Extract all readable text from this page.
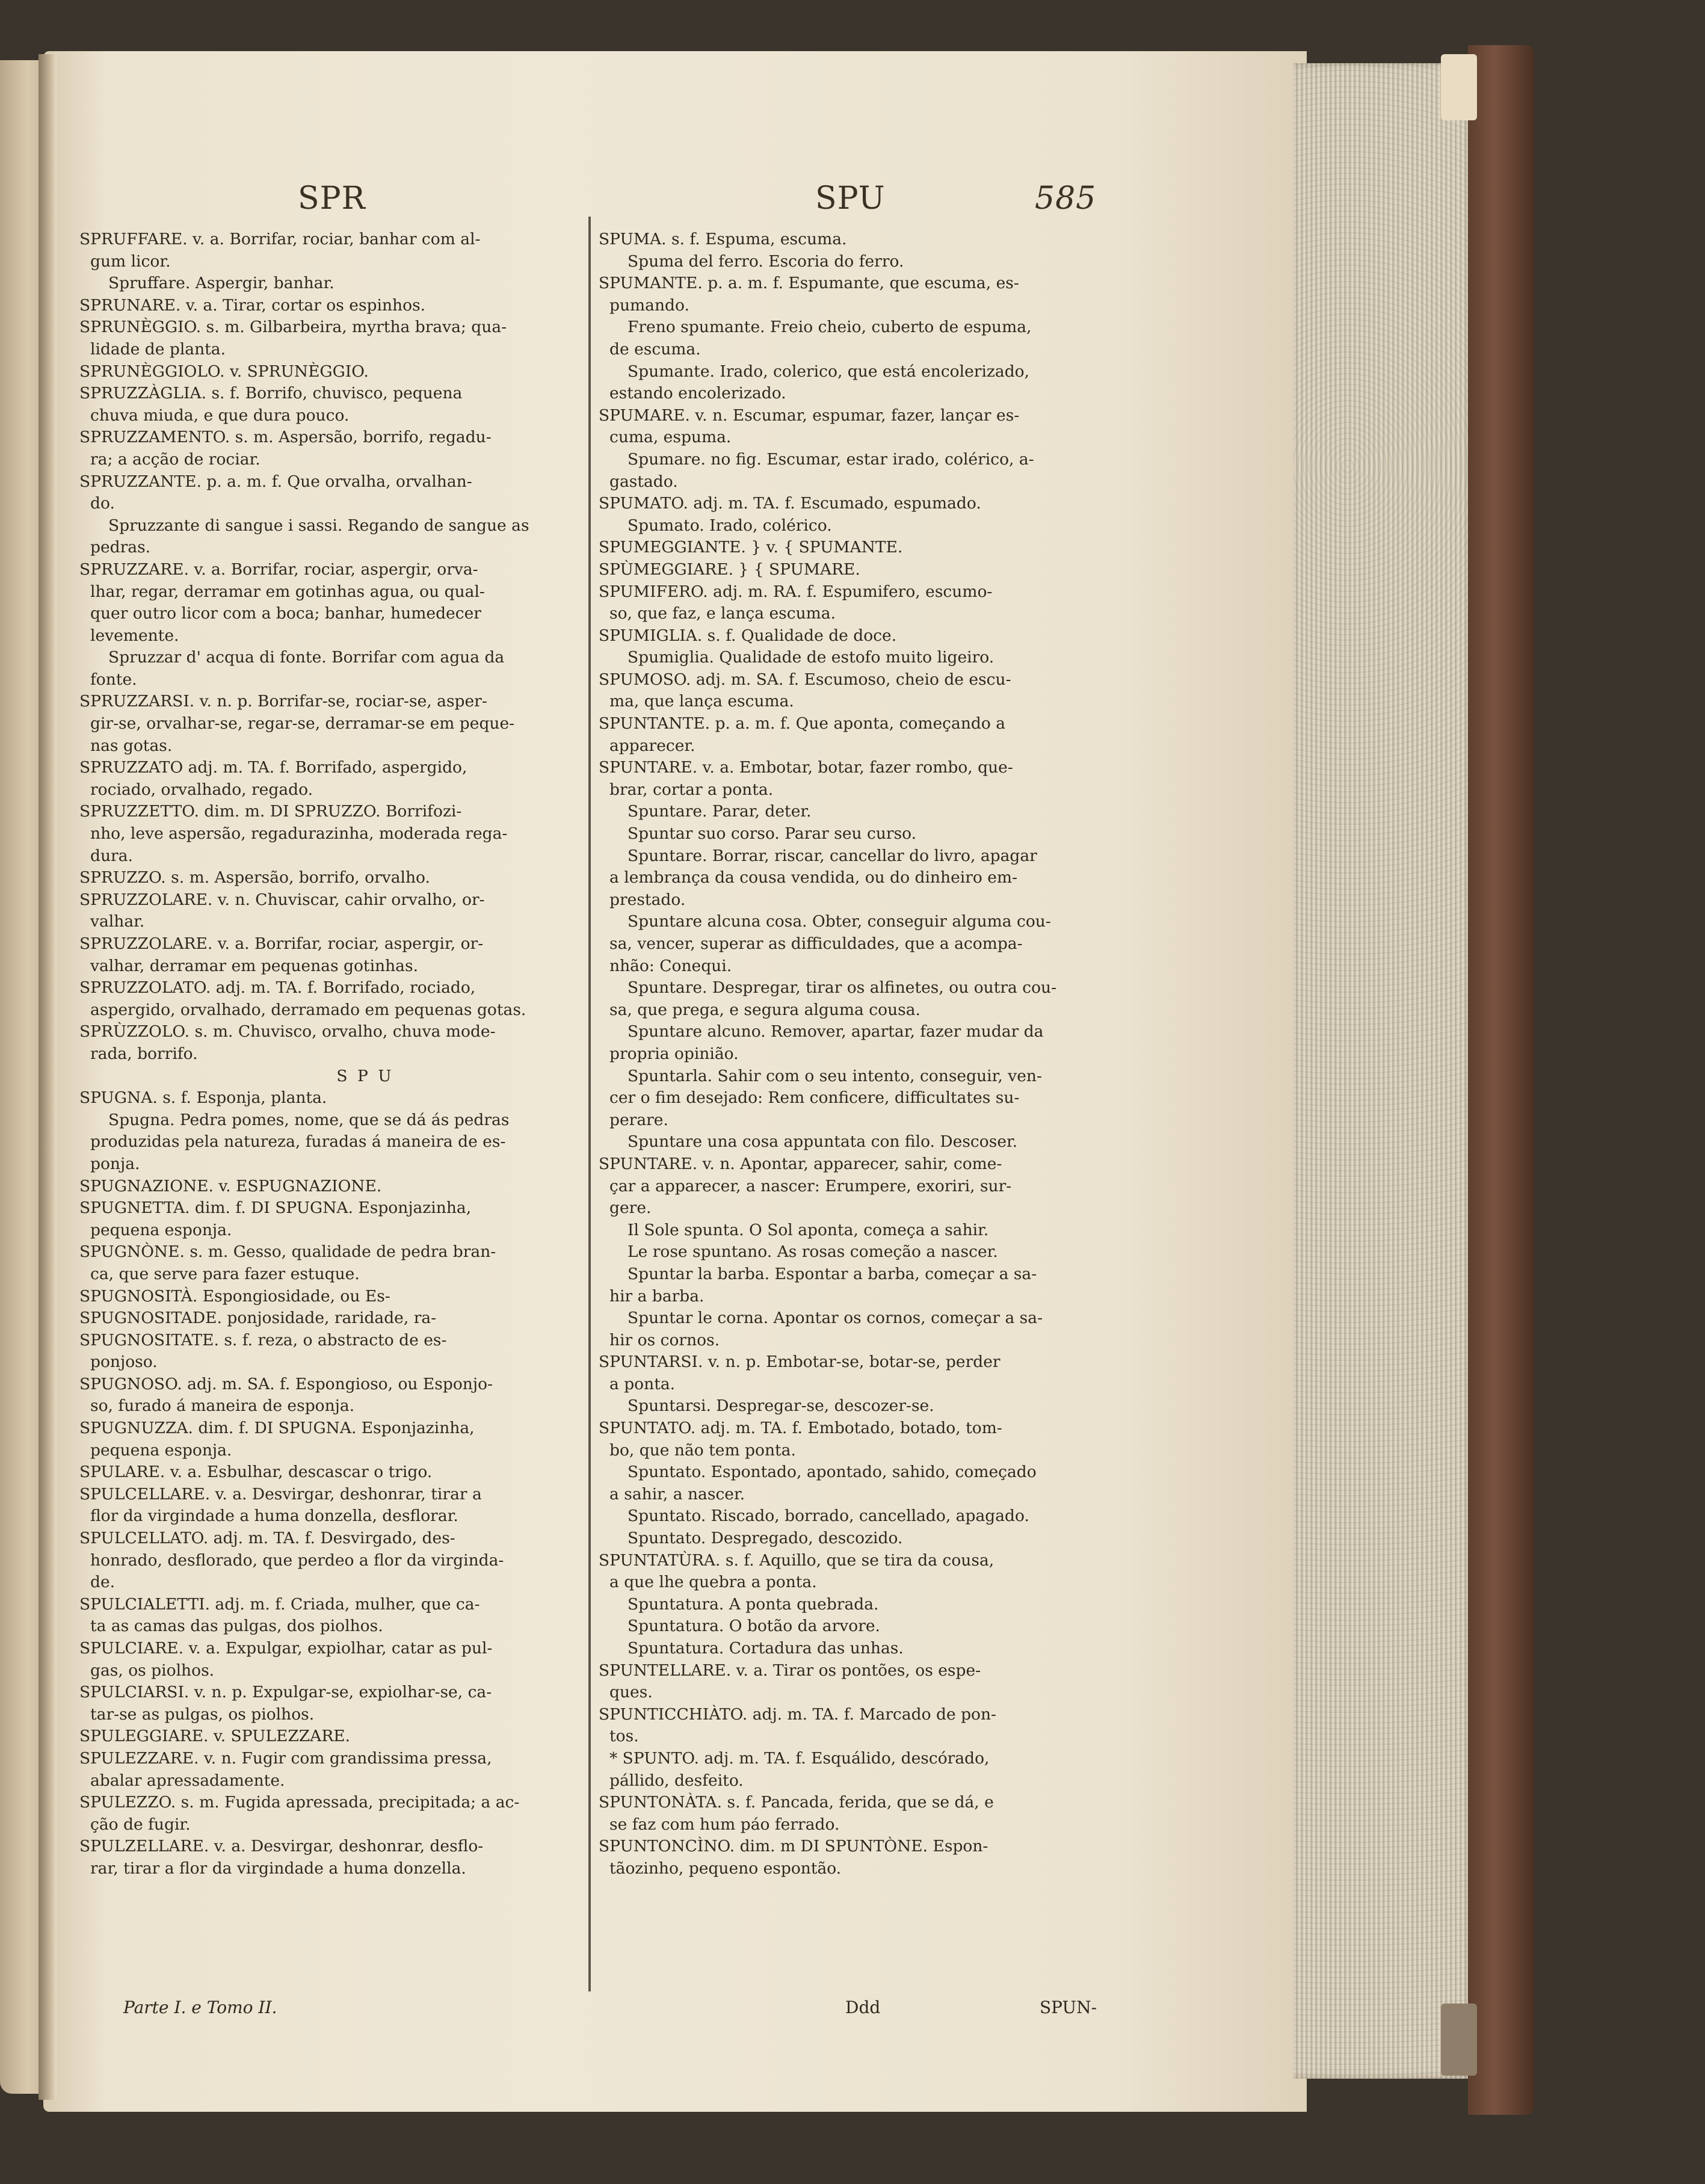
SPR	SPU	585
SPRUFFARE. v. a. Borrifar, rociar, banhar com al-
gum licor.
Spruffare. Aspergir, banhar.
SPRUNARE. v. a. Tirar, cortar os espinhos.
SPRUNÈGGIO. s. m. Gilbarbeira, myrtha brava; qua-
lidade de planta.
SPRUNÈGGIOLO. v. SPRUNÈGGIO.
SPRUZZÀGLIA. s. f. Borrifo, chuvisco, pequena
chuva miuda, e que dura pouco.
SPRUZZAMENTO. s. m. Aspersão, borrifo, regadu-
ra; a acção de rociar.
SPRUZZANTE. p. a. m. f. Que orvalha, orvalhan-
do.
Spruzzante di sangue i sassi. Regando de sangue as
pedras.
SPRUZZARE. v. a. Borrifar, rociar, aspergir, orva-
lhar, regar, derramar em gotinhas agua, ou qual-
quer outro licor com a boca; banhar, humedecer
levemente.
Spruzzar d' acqua di fonte. Borrifar com agua da
fonte.
SPRUZZARSI. v. n. p. Borrifar-se, rociar-se, asper-
gir-se, orvalhar-se, regar-se, derramar-se em peque-
nas gotas.
SPRUZZATO adj. m. TA. f. Borrifado, aspergido,
rociado, orvalhado, regado.
SPRUZZETTO. dim. m. DI SPRUZZO. Borrifozi-
nho, leve aspersão, regadurazinha, moderada rega-
dura.
SPRUZZO. s. m. Aspersão, borrifo, orvalho.
SPRUZZOLARE. v. n. Chuviscar, cahir orvalho, or-
valhar.
SPRUZZOLARE. v. a. Borrifar, rociar, aspergir, or-
valhar, derramar em pequenas gotinhas.
SPRUZZOLATO. adj. m. TA. f. Borrifado, rociado,
aspergido, orvalhado, derramado em pequenas gotas.
SPRÙZZOLO. s. m. Chuvisco, orvalho, chuva mode-
rada, borrifo.
S P U
SPUGNA. s. f. Esponja, planta.
Spugna. Pedra pomes, nome, que se dá ás pedras
produzidas pela natureza, furadas á maneira de es-
ponja.
SPUGNAZIONE. v. ESPUGNAZIONE.
SPUGNETTA. dim. f. DI SPUGNA. Esponjazinha,
pequena esponja.
SPUGNÒNE. s. m. Gesso, qualidade de pedra bran-
ca, que serve para fazer estuque.
SPUGNOSITÀ. Espongiosidade, ou Es-
SPUGNOSITADE. ponjosidade, raridade, ra-
SPUGNOSITATE. s. f. reza, o abstracto de es-
ponjoso.
SPUGNOSO. adj. m. SA. f. Espongioso, ou Esponjo-
so, furado á maneira de esponja.
SPUGNUZZA. dim. f. DI SPUGNA. Esponjazinha,
pequena esponja.
SPULARE. v. a. Esbulhar, descascar o trigo.
SPULCELLARE. v. a. Desvirgar, deshonrar, tirar a
flor da virgindade a huma donzella, desflorar.
SPULCELLATO. adj. m. TA. f. Desvirgado, des-
honrado, desflorado, que perdeo a flor da virginda-
de.
SPULCIALETTI. adj. m. f. Criada, mulher, que ca-
ta as camas das pulgas, dos piolhos.
SPULCIARE. v. a. Expulgar, expiolhar, catar as pul-
gas, os piolhos.
SPULCIARSI. v. n. p. Expulgar-se, expiolhar-se, ca-
tar-se as pulgas, os piolhos.
SPULEGGIARE. v. SPULEZZARE.
SPULEZZARE. v. n. Fugir com grandissima pressa,
abalar apressadamente.
SPULEZZO. s. m. Fugida apressada, precipitada; a ac-
ção de fugir.
SPULZELLARE. v. a. Desvirgar, deshonrar, desflo-
rar, tirar a flor da virgindade a huma donzella.
SPUMA. s. f. Espuma, escuma.
Spuma del ferro. Escoria do ferro.
SPUMANTE. p. a. m. f. Espumante, que escuma, es-
pumando.
Freno spumante. Freio cheio, cuberto de espuma,
de escuma.
Spumante. Irado, colerico, que está encolerizado,
estando encolerizado.
SPUMARE. v. n. Escumar, espumar, fazer, lançar es-
cuma, espuma.
Spumare. no fig. Escumar, estar irado, colérico, a-
gastado.
SPUMATO. adj. m. TA. f. Escumado, espumado.
Spumato. Irado, colérico.
SPUMEGGIANTE. } v. { SPUMANTE.
SPÙMEGGIARE. } { SPUMARE.
SPUMIFERO. adj. m. RA. f. Espumifero, escumo-
so, que faz, e lança escuma.
SPUMIGLIA. s. f. Qualidade de doce.
Spumiglia. Qualidade de estofo muito ligeiro.
SPUMOSO. adj. m. SA. f. Escumoso, cheio de escu-
ma, que lança escuma.
SPUNTANTE. p. a. m. f. Que aponta, começando a
apparecer.
SPUNTARE. v. a. Embotar, botar, fazer rombo, que-
brar, cortar a ponta.
Spuntare. Parar, deter.
Spuntar suo corso. Parar seu curso.
Spuntare. Borrar, riscar, cancellar do livro, apagar
a lembrança da cousa vendida, ou do dinheiro em-
prestado.
Spuntare alcuna cosa. Obter, conseguir alguma cou-
sa, vencer, superar as difficuldades, que a acompa-
nhão: Conequi.
Spuntare. Despregar, tirar os alfinetes, ou outra cou-
sa, que prega, e segura alguma cousa.
Spuntare alcuno. Remover, apartar, fazer mudar da
propria opinião.
Spuntarla. Sahir com o seu intento, conseguir, ven-
cer o fim desejado: Rem conficere, difficultates su-
perare.
Spuntare una cosa appuntata con filo. Descoser.
SPUNTARE. v. n. Apontar, apparecer, sahir, come-
çar a apparecer, a nascer: Erumpere, exoriri, sur-
gere.
Il Sole spunta. O Sol aponta, começa a sahir.
Le rose spuntano. As rosas começão a nascer.
Spuntar la barba. Espontar a barba, começar a sa-
hir a barba.
Spuntar le corna. Apontar os cornos, começar a sa-
hir os cornos.
SPUNTARSI. v. n. p. Embotar-se, botar-se, perder
a ponta.
Spuntarsi. Despregar-se, descozer-se.
SPUNTATO. adj. m. TA. f. Embotado, botado, tom-
bo, que não tem ponta.
Spuntato. Espontado, apontado, sahido, começado
a sahir, a nascer.
Spuntato. Riscado, borrado, cancellado, apagado.
Spuntato. Despregado, descozido.
SPUNTATÙRA. s. f. Aquillo, que se tira da cousa,
a que lhe quebra a ponta.
Spuntatura. A ponta quebrada.
Spuntatura. O botão da arvore.
Spuntatura. Cortadura das unhas.
SPUNTELLARE. v. a. Tirar os pontões, os espe-
ques.
SPUNTICCHIÀTO. adj. m. TA. f. Marcado de pon-
tos.
* SPUNTO. adj. m. TA. f. Esquálido, descórado,
pállido, desfeito.
SPUNTONÀTA. s. f. Pancada, ferida, que se dá, e
se faz com hum páo ferrado.
SPUNTONCÌNO. dim. m DI SPUNTÒNE. Espon-
tãozinho, pequeno espontão.
Parte I. e Tomo II.	Ddd	SPUN-
